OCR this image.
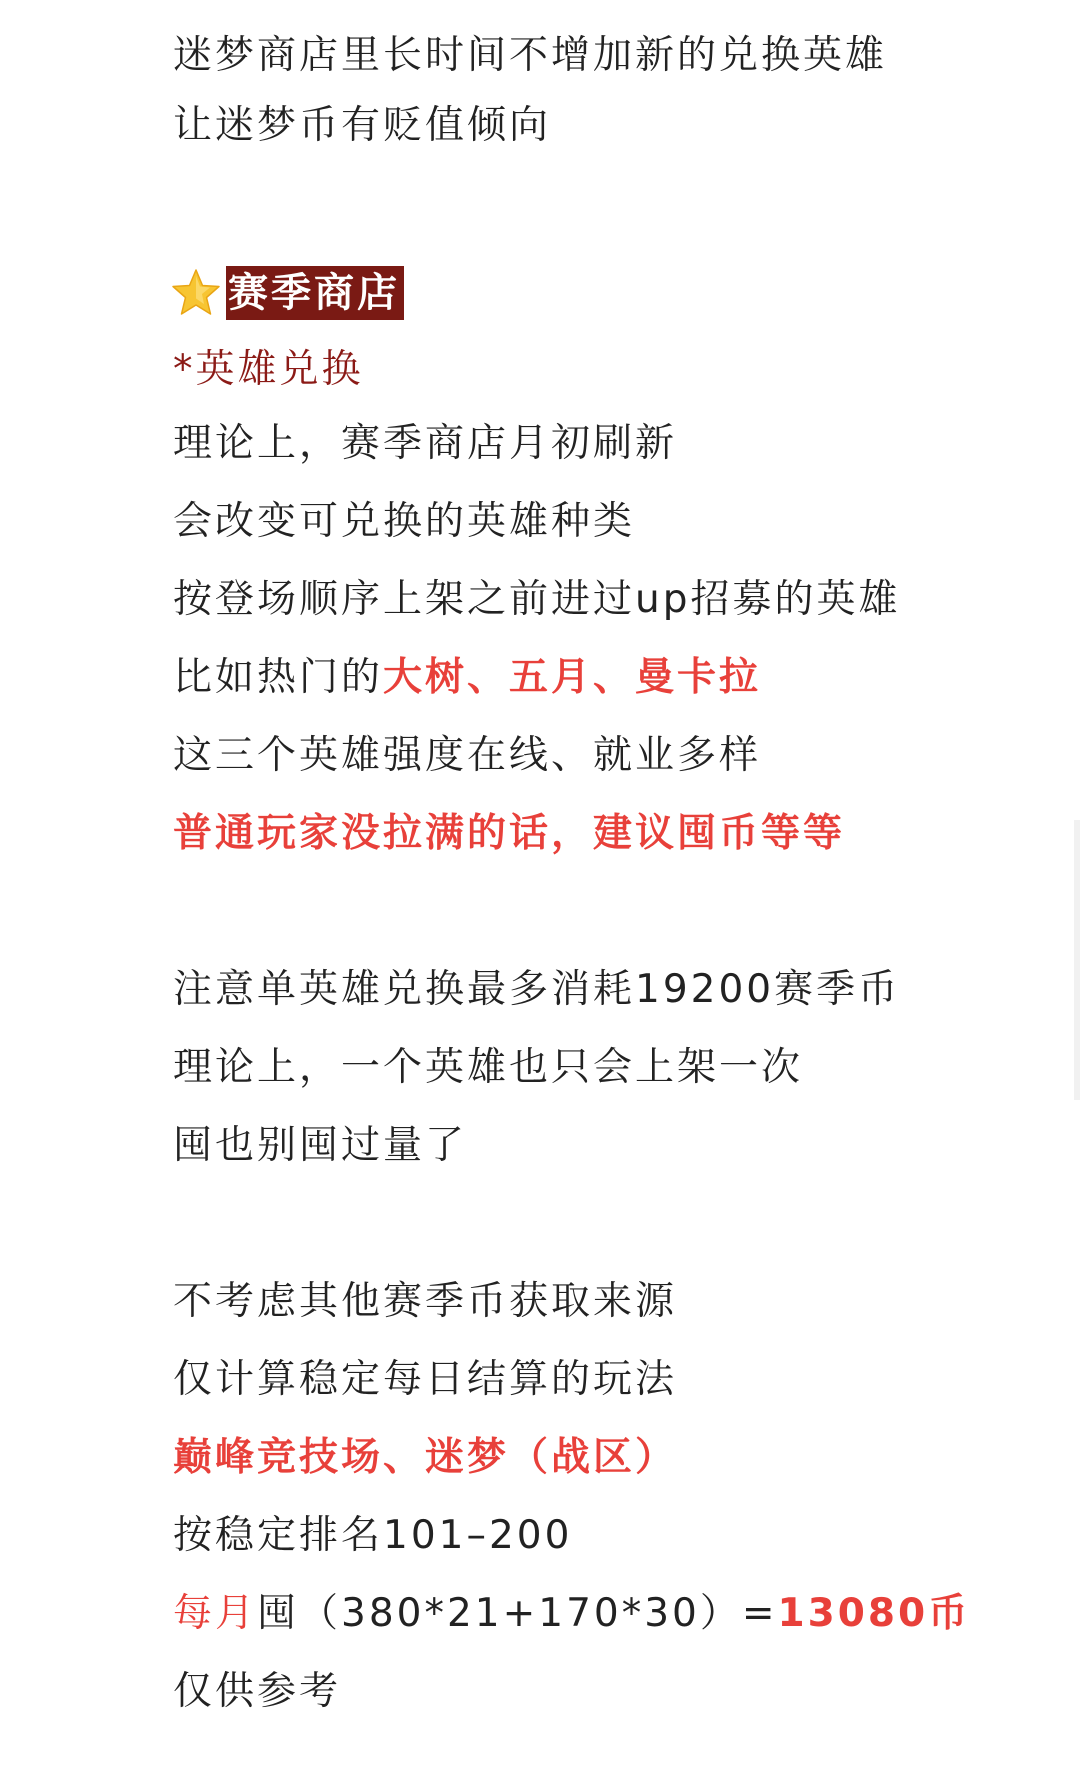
迷梦商店里长时间不增加新的兑换英雄
让迷梦币有贬值倾向
赛季商店
*英雄兑换
理论上，赛季商店月初刷新
会改变可兑换的英雄种类
按登场顺序上架之前进过up招募的英雄
比如热门的大树、五月、曼卡拉
这三个英雄强度在线、就业多样
普通玩家没拉满的话，建议囤币等等
注意单英雄兑换最多消耗19200赛季币
理论上，一个英雄也只会上架一次
囤也别囤过量了
不考虑其他赛季币获取来源
仅计算稳定每日结算的玩法
巅峰竞技场、迷梦（战区）
按稳定排名101–200
每月囤（380*21+170*30）=13080币
仅供参考
